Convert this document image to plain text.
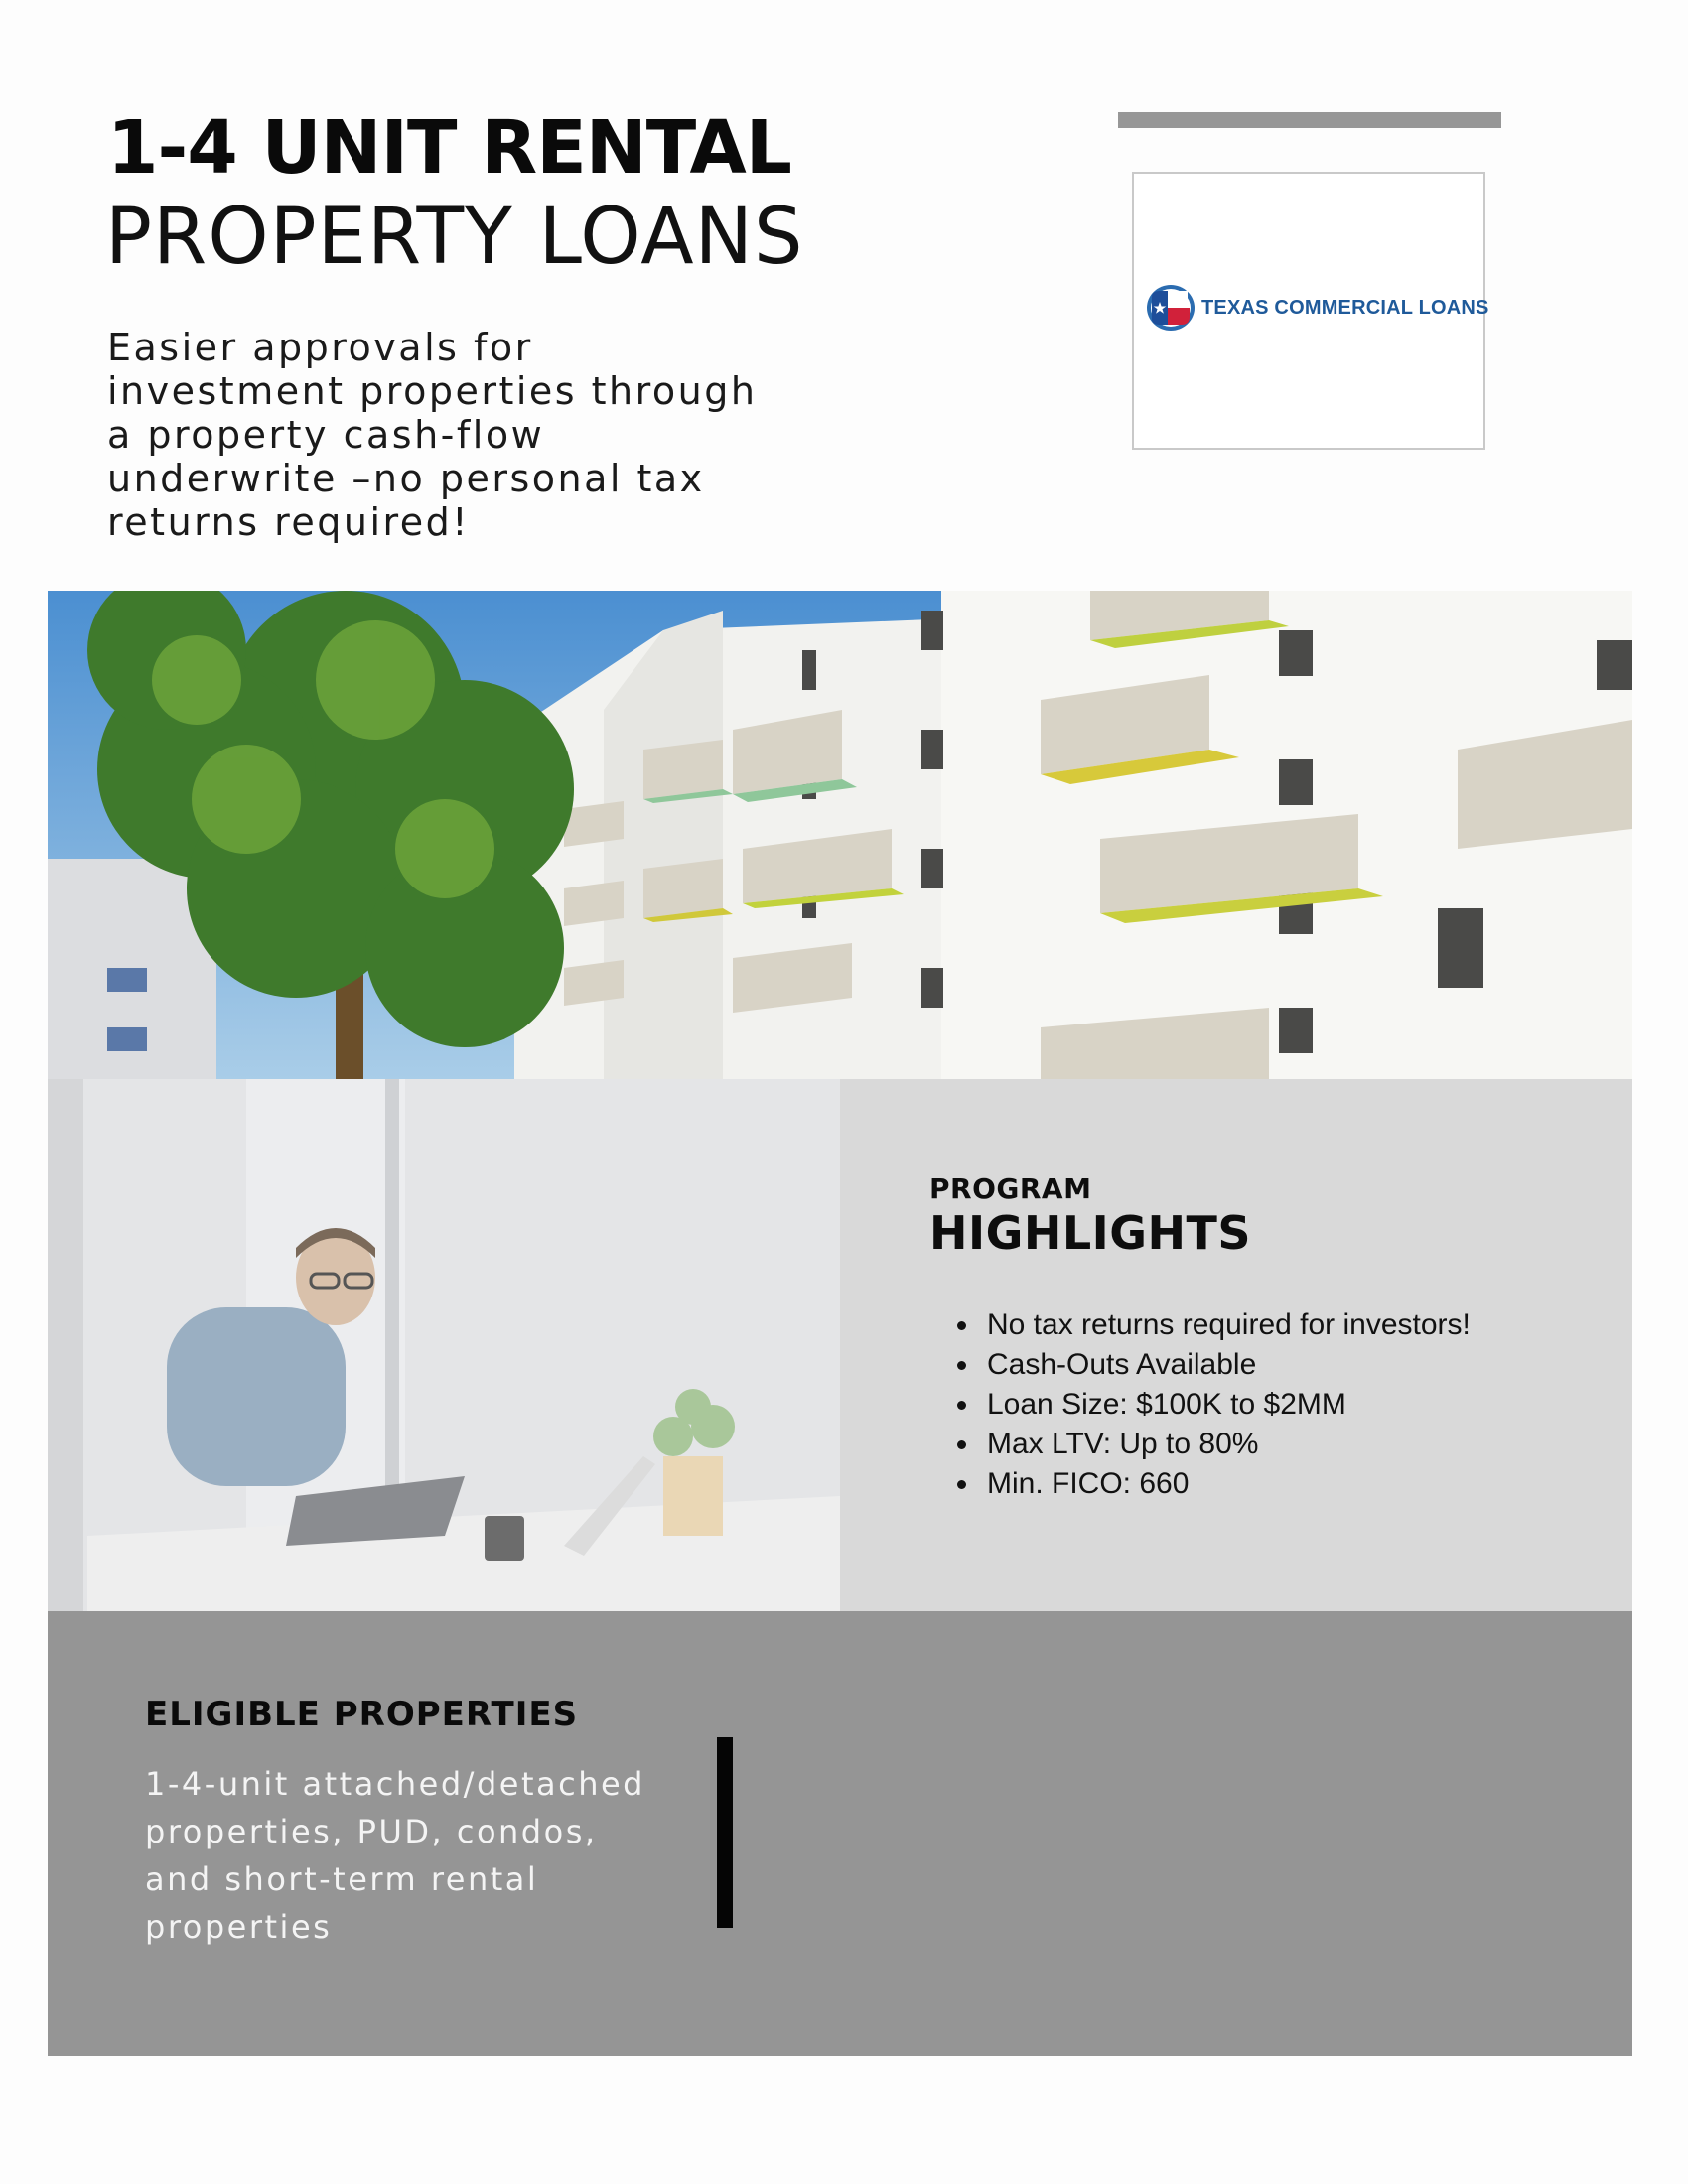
1-4 UNIT RENTAL
PROPERTY LOANS
Easier approvals for investment properties through a property cash-flow underwrite –no personal tax returns required!
TEXAS COMMERCIAL LOANS
PROGRAM
HIGHLIGHTS
• No tax returns required for investors!
• Cash-Outs Available
• Loan Size: $100K to $2MM
• Max LTV: Up to 80%
• Min. FICO: 660
ELIGIBLE PROPERTIES
1-4-unit attached/detached properties, PUD, condos, and short-term rental properties
